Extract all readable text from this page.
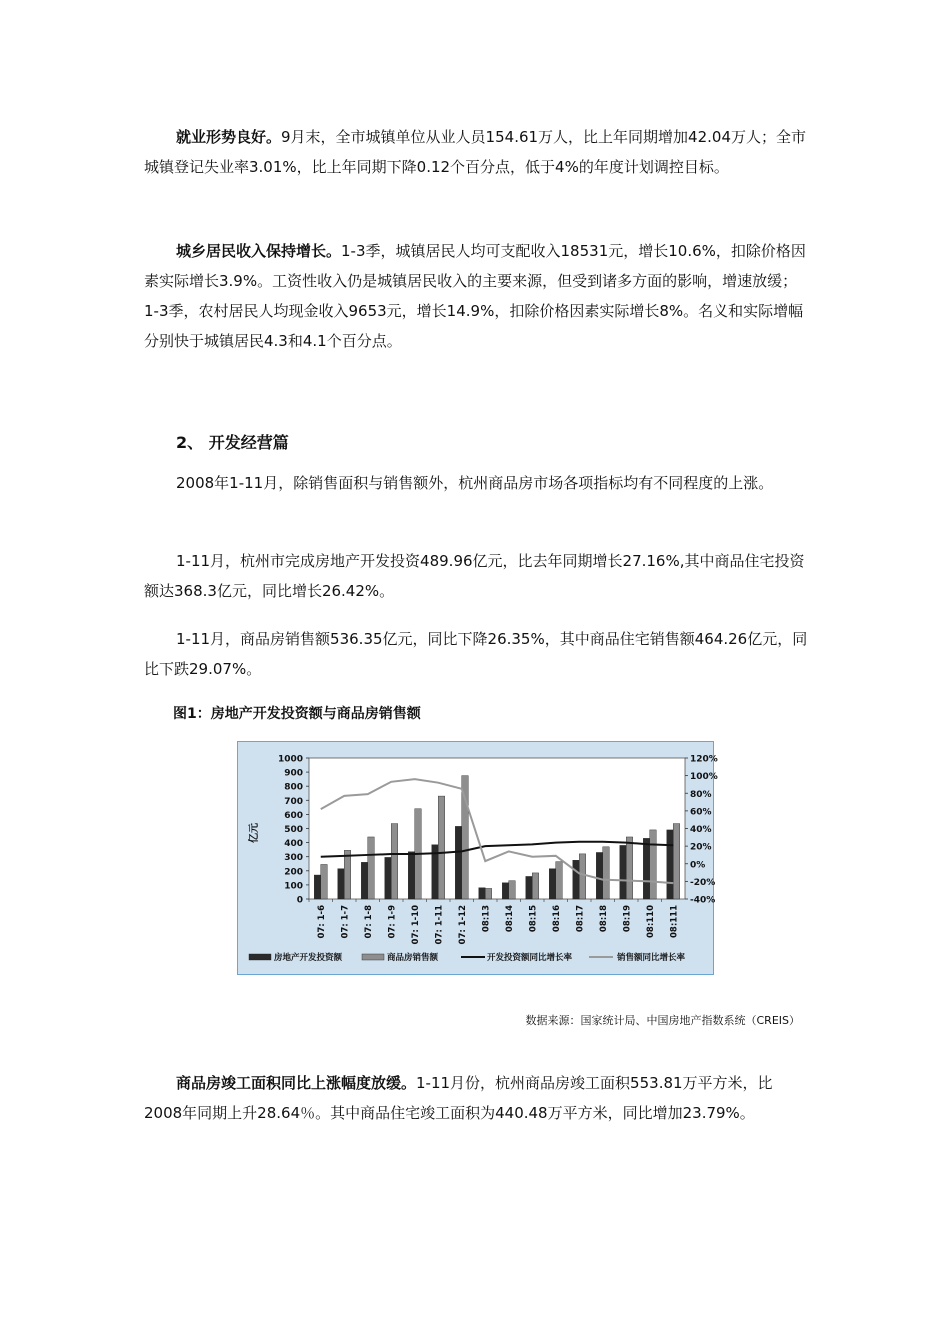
就业形势良好。9月末，全市城镇单位从业人员154.61万人，比上年同期增加42.04万人；全市城镇登记失业率3.01%，比上年同期下降0.12个百分点，低于4%的年度计划调控目标。

城乡居民收入保持增长。1-3季，城镇居民人均可支配收入18531元，增长10.6%，扣除价格因素实际增长3.9%。工资性收入仍是城镇居民收入的主要来源，但受到诸多方面的影响，增速放缓；1-3季，农村居民人均现金收入9653元，增长14.9%，扣除价格因素实际增长8%。名义和实际增幅分别快于城镇居民4.3和4.1个百分点。

2、 开发经营篇

2008年1-11月，除销售面积与销售额外，杭州商品房市场各项指标均有不同程度的上涨。

1-11月，杭州市完成房地产开发投资489.96亿元，比去年同期增长27.16%,其中商品住宅投资额达368.3亿元，同比增长26.42%。

1-11月，商品房销售额536.35亿元，同比下降26.35%，其中商品住宅销售额464.26亿元，同比下跌29.07%。

图1：房地产开发投资额与商品房销售额

0
100
200
300
400
500
600
700
800
900
1000	120%
100%
80%
60%
40%
20%
0%
-20%
-40%
亿元
07: 1-6 07: 1-7 07: 1-8 07: 1-9 07: 1-10 07: 1-11 07: 1-12 08:13 08:14 08:15 08:16 08:17 08:18 08:19 08:110 08:111
房地产开发投资额	商品房销售额	开发投资额同比增长率	销售额同比增长率

数据来源：国家统计局、中国房地产指数系统（CREIS）

商品房竣工面积同比上涨幅度放缓。1-11月份，杭州商品房竣工面积553.81万平方米，比2008年同期上升28.64％。其中商品住宅竣工面积为440.48万平方米，同比增加23.79%。
